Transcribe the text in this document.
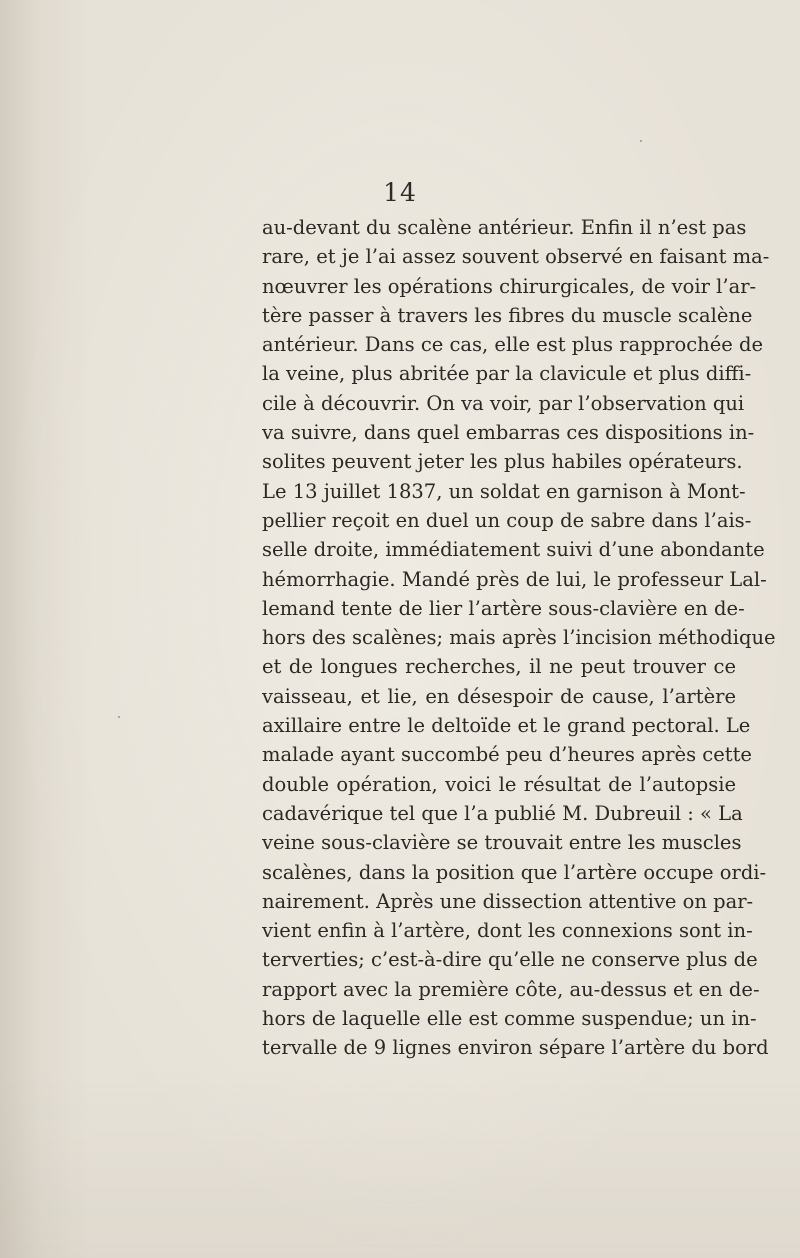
14
au-devant du scalène antérieur. Enfin il n’est pas
rare, et je l’ai assez souvent observé en faisant ma-
nœuvrer les opérations chirurgicales, de voir l’ar-
tère passer à travers les fibres du muscle scalène
antérieur. Dans ce cas, elle est plus rapprochée de
la veine, plus abritée par la clavicule et plus diffi-
cile à découvrir. On va voir, par l’observation qui
va suivre, dans quel embarras ces dispositions in-
solites peuvent jeter les plus habiles opérateurs.
Le 13 juillet 1837, un soldat en garnison à Mont-
pellier reçoit en duel un coup de sabre dans l’ais-
selle droite, immédiatement suivi d’une abondante
hémorrhagie. Mandé près de lui, le professeur Lal-
lemand tente de lier l’artère sous-clavière en de-
hors des scalènes; mais après l’incision méthodique
et de longues recherches, il ne peut trouver ce
vaisseau, et lie, en désespoir de cause, l’artère
axillaire entre le deltoïde et le grand pectoral. Le
malade ayant succombé peu d’heures après cette
double opération, voici le résultat de l’autopsie
cadavérique tel que l’a publié M. Dubreuil : « La
veine sous-clavière se trouvait entre les muscles
scalènes, dans la position que l’artère occupe ordi-
nairement. Après une dissection attentive on par-
vient enfin à l’artère, dont les connexions sont in-
terverties; c’est-à-dire qu’elle ne conserve plus de
rapport avec la première côte, au-dessus et en de-
hors de laquelle elle est comme suspendue; un in-
tervalle de 9 lignes environ sépare l’artère du bord
